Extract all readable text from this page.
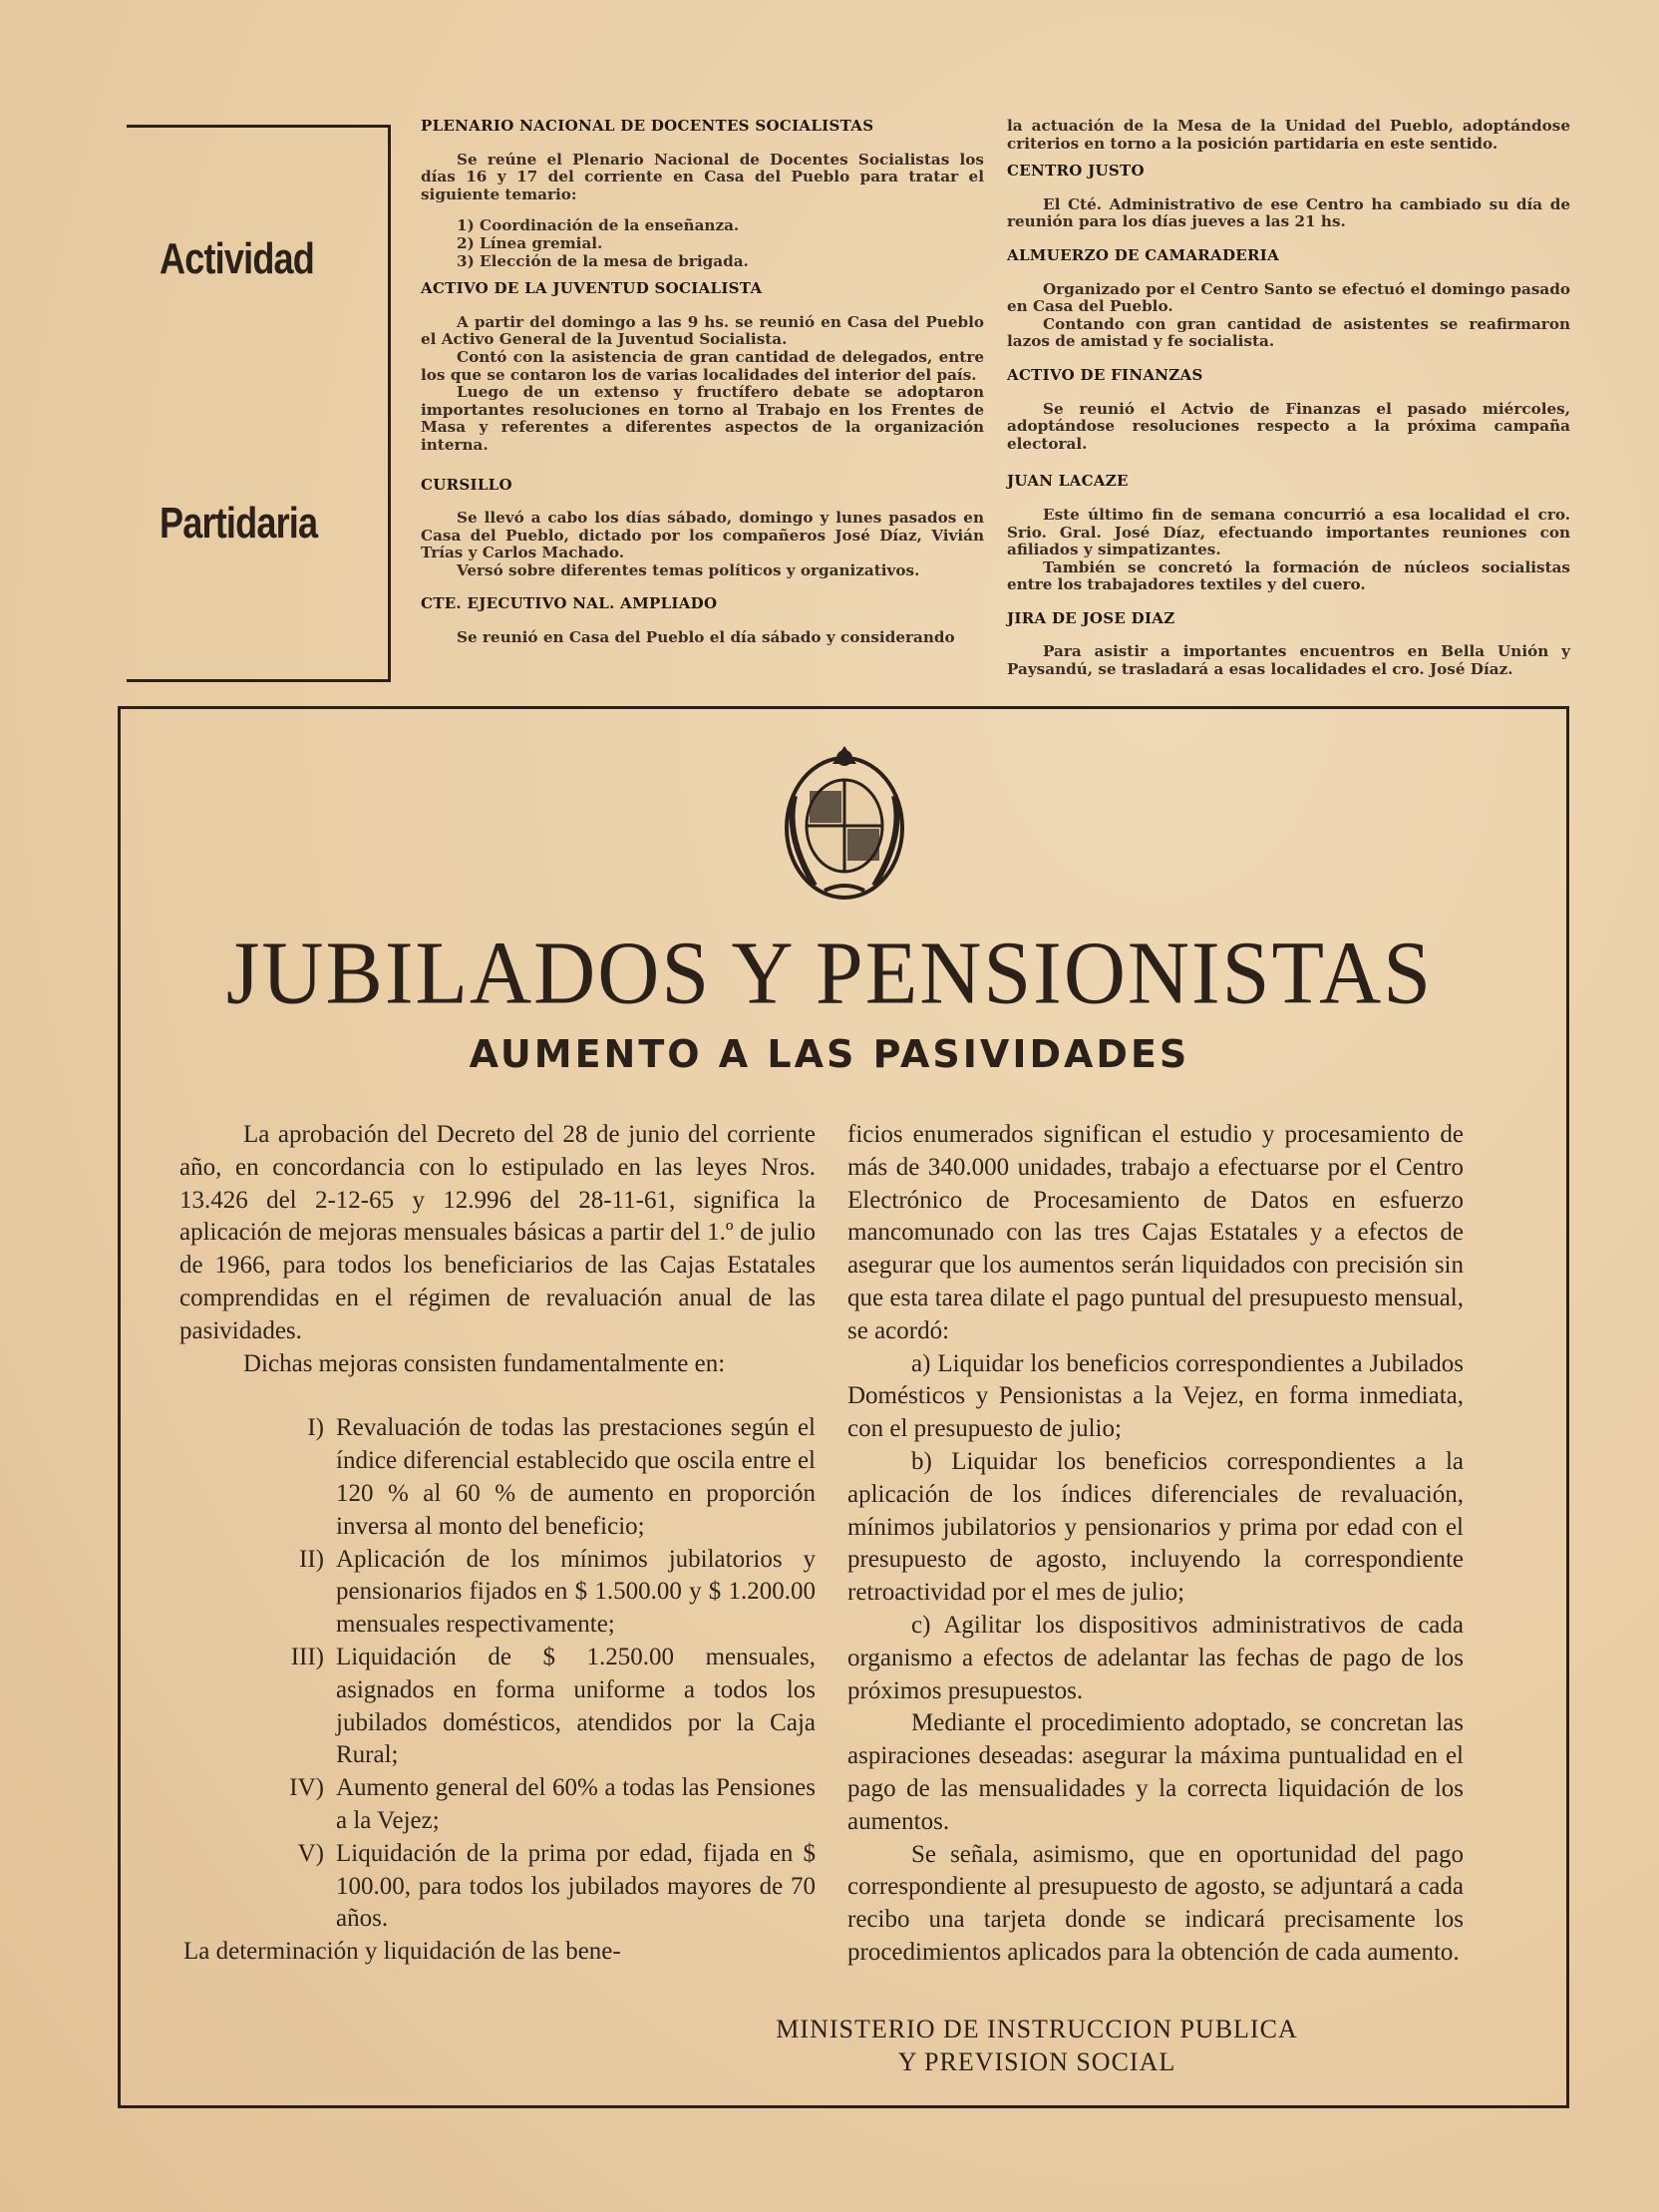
Actividad
Partidaria
PLENARIO NACIONAL DE DOCENTES SOCIALISTAS

Se reúne el Plenario Nacional de Docentes Socialistas los días 16 y 17 del corriente en Casa del Pueblo para tratar el siguiente temario:

1) Coordinación de la enseñanza.
2) Línea gremial.
3) Elección de la mesa de brigada.
ACTIVO DE LA JUVENTUD SOCIALISTA

A partir del domingo a las 9 hs. se reunió en Casa del Pueblo el Activo General de la Juventud Socialista.

Contó con la asistencia de gran cantidad de delegados, entre los que se contaron los de varias localidades del interior del país.

Luego de un extenso y fructífero debate se adoptaron importantes resoluciones en torno al Trabajo en los Frentes de Masa y referentes a diferentes aspectos de la organización interna.

CURSILLO

Se llevó a cabo los días sábado, domingo y lunes pasados en Casa del Pueblo, dictado por los compañeros José Díaz, Vivián Trías y Carlos Machado.

Versó sobre diferentes temas políticos y organizativos.

CTE. EJECUTIVO NAL. AMPLIADO

Se reunió en Casa del Pueblo el día sábado y considerando

la actuación de la Mesa de la Unidad del Pueblo, adoptándose criterios en torno a la posición partidaria en este sentido.

CENTRO JUSTO

El Cté. Administrativo de ese Centro ha cambiado su día de reunión para los días jueves a las 21 hs.

ALMUERZO DE CAMARADERIA

Organizado por el Centro Santo se efectuó el domingo pasado en Casa del Pueblo.

Contando con gran cantidad de asistentes se reafirmaron lazos de amistad y fe socialista.

ACTIVO DE FINANZAS

Se reunió el Actvio de Finanzas el pasado miércoles, adoptándose resoluciones respecto a la próxima campaña electoral.

JUAN LACAZE

Este último fin de semana concurrió a esa localidad el cro. Srio. Gral. José Díaz, efectuando importantes reuniones con afiliados y simpatizantes.

También se concretó la formación de núcleos socialistas entre los trabajadores textiles y del cuero.

JIRA DE JOSE DIAZ

Para asistir a importantes encuentros en Bella Unión y Paysandú, se trasladará a esas localidades el cro. José Díaz.

JUBILADOS Y PENSIONISTAS
AUMENTO A LAS PASIVIDADES

La aprobación del Decreto del 28 de junio del corriente año, en concordancia con lo estipulado en las leyes Nros. 13.426 del 2-12-65 y 12.996 del 28-11-61, significa la aplicación de mejoras mensuales básicas a partir del 1.º de julio de 1966, para todos los beneficiarios de las Cajas Estatales comprendidas en el régimen de revaluación anual de las pasividades.

Dichas mejoras consisten fundamentalmente en:

I) Revaluación de todas las prestaciones según el índice diferencial establecido que oscila entre el 120 % al 60 % de aumento en proporción inversa al monto del beneficio;
II) Aplicación de los mínimos jubilatorios y pensionarios fijados en $ 1.500.00 y $ 1.200.00 mensuales respectivamente;
III) Liquidación de $ 1.250.00 mensuales, asignados en forma uniforme a todos los jubilados domésticos, atendidos por la Caja Rural;
IV) Aumento general del 60% a todas las Pensiones a la Vejez;
V) Liquidación de la prima por edad, fijada en $ 100.00, para todos los jubilados mayores de 70 años.

La determinación y liquidación de las bene-

ficios enumerados significan el estudio y procesamiento de más de 340.000 unidades, trabajo a efectuarse por el Centro Electrónico de Procesamiento de Datos en esfuerzo mancomunado con las tres Cajas Estatales y a efectos de asegurar que los aumentos serán liquidados con precisión sin que esta tarea dilate el pago puntual del presupuesto mensual, se acordó:

a) Liquidar los beneficios correspondientes a Jubilados Domésticos y Pensionistas a la Vejez, en forma inmediata, con el presupuesto de julio;

b) Liquidar los beneficios correspondientes a la aplicación de los índices diferenciales de revaluación, mínimos jubilatorios y pensionarios y prima por edad con el presupuesto de agosto, incluyendo la correspondiente retroactividad por el mes de julio;

c) Agilitar los dispositivos administrativos de cada organismo a efectos de adelantar las fechas de pago de los próximos presupuestos.

Mediante el procedimiento adoptado, se concretan las aspiraciones deseadas: asegurar la máxima puntualidad en el pago de las mensualidades y la correcta liquidación de los aumentos.

Se señala, asimismo, que en oportunidad del pago correspondiente al presupuesto de agosto, se adjuntará a cada recibo una tarjeta donde se indicará precisamente los procedimientos aplicados para la obtención de cada aumento.

MINISTERIO DE INSTRUCCION PUBLICA
Y PREVISION SOCIAL
